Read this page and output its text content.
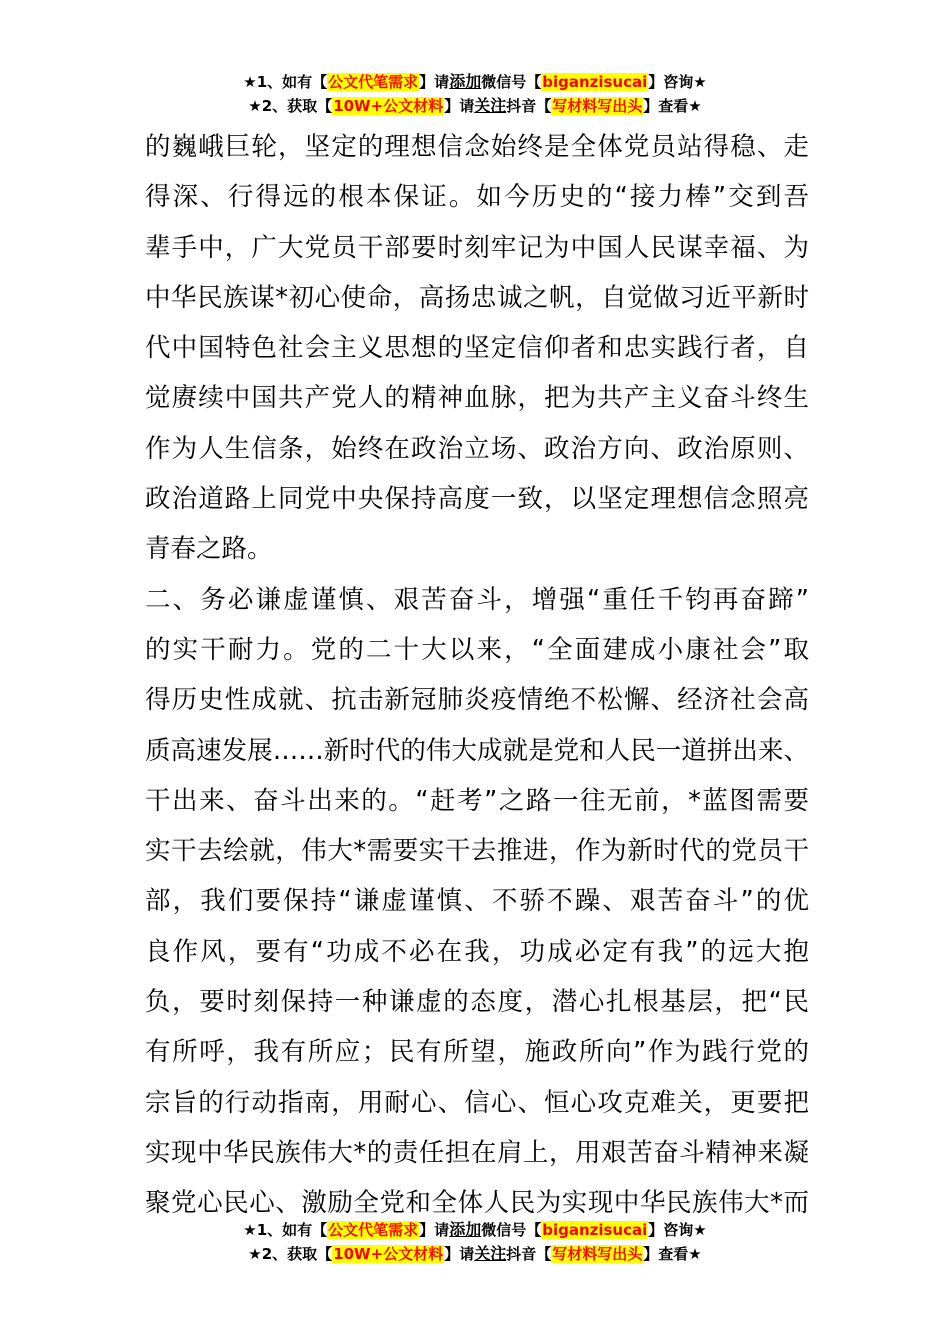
★1、如有【公文代笔需求】请添加微信号【biganzisucai】咨询★
★2、获取【10W+公文材料】请关注抖音【写材料写出头】查看★
的巍峨巨轮，坚定的理想信念始终是全体党员站得稳、走
得深、行得远的根本保证。如今历史的“接力棒”交到吾
辈手中，广大党员干部要时刻牢记为中国人民谋幸福、为
中华民族谋*初心使命，高扬忠诚之帆，自觉做习近平新时
代中国特色社会主义思想的坚定信仰者和忠实践行者，自
觉赓续中国共产党人的精神血脉，把为共产主义奋斗终生
作为人生信条，始终在政治立场、政治方向、政治原则、
政治道路上同党中央保持高度一致，以坚定理想信念照亮
青春之路。
二、务必谦虚谨慎、艰苦奋斗，增强“重任千钧再奋蹄”
的实干耐力。党的二十大以来，“全面建成小康社会”取
得历史性成就、抗击新冠肺炎疫情绝不松懈、经济社会高
质高速发展……新时代的伟大成就是党和人民一道拼出来、
干出来、奋斗出来的。“赶考”之路一往无前，*蓝图需要
实干去绘就，伟大*需要实干去推进，作为新时代的党员干
部，我们要保持“谦虚谨慎、不骄不躁、艰苦奋斗”的优
良作风，要有“功成不必在我，功成必定有我”的远大抱
负，要时刻保持一种谦虚的态度，潜心扎根基层，把“民
有所呼，我有所应；民有所望，施政所向”作为践行党的
宗旨的行动指南，用耐心、信心、恒心攻克难关，更要把
实现中华民族伟大*的责任担在肩上，用艰苦奋斗精神来凝
聚党心民心、激励全党和全体人民为实现中华民族伟大*而
★1、如有【公文代笔需求】请添加微信号【biganzisucai】咨询★
★2、获取【10W+公文材料】请关注抖音【写材料写出头】查看★
